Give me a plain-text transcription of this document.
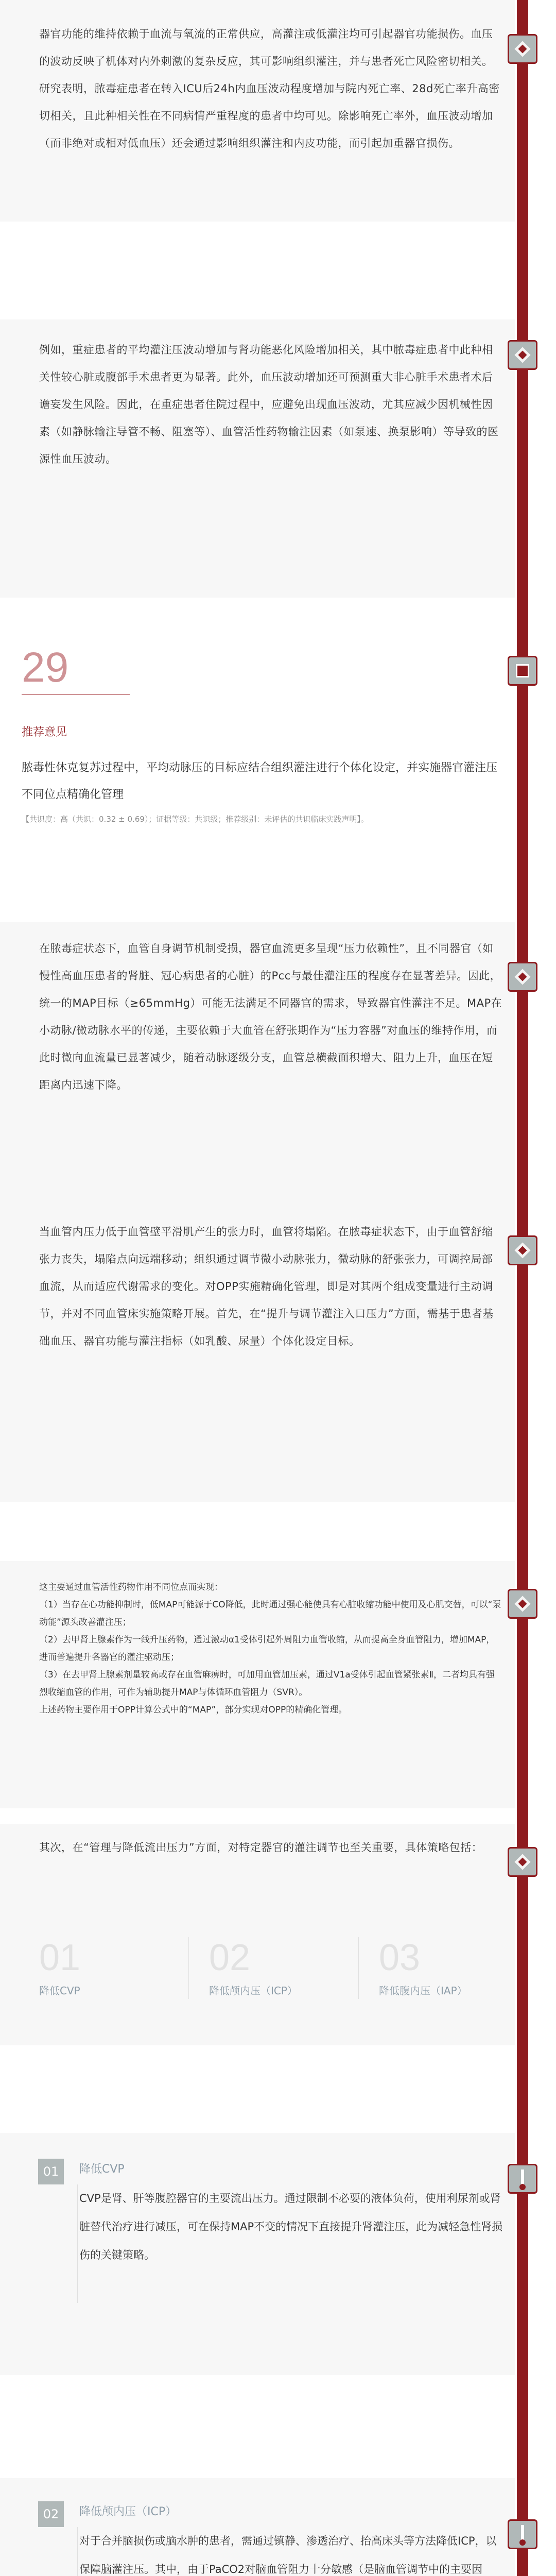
器官功能的维持依赖于血流与氧流的正常供应，高灌注或低灌注均可引起器官功能损伤。血压的波动反映了机体对内外刺激的复杂反应，其可影响组织灌注，并与患者死亡风险密切相关。研究表明，脓毒症患者在转入ICU后24h内血压波动程度增加与院内死亡率、28d死亡率升高密切相关，且此种相关性在不同病情严重程度的患者中均可见。除影响死亡率外，血压波动增加（而非绝对或相对低血压）还会通过影响组织灌注和内皮功能，而引起加重器官损伤。

例如，重症患者的平均灌注压波动增加与肾功能恶化风险增加相关，其中脓毒症患者中此种相关性较心脏或腹部手术患者更为显著。此外，血压波动增加还可预测重大非心脏手术患者术后谵妄发生风险。因此，在重症患者住院过程中，应避免出现血压波动，尤其应减少因机械性因素（如静脉输注导管不畅、阻塞等）、血管活性药物输注因素（如泵速、换泵影响）等导致的医源性血压波动。

29
推荐意见
脓毒性休克复苏过程中，平均动脉压的目标应结合组织灌注进行个体化设定，并实施器官灌注压不同位点精确化管理
【共识度：高（共识：0.32 ± 0.69）；证据等级：共识级；推荐级别：未评估的共识临床实践声明】。

在脓毒症状态下，血管自身调节机制受损，器官血流更多呈现“压力依赖性”，且不同器官（如慢性高血压患者的肾脏、冠心病患者的心脏）的Pcc与最佳灌注压的程度存在显著差异。因此，统一的MAP目标（≥65mmHg）可能无法满足不同器官的需求，导致器官性灌注不足。MAP在小动脉/微动脉水平的传递，主要依赖于大血管在舒张期作为“压力容器”对血压的维持作用，而此时微向血流量已显著减少，随着动脉逐级分支，血管总横截面积增大、阻力上升，血压在短距离内迅速下降。

当血管内压力低于血管壁平滑肌产生的张力时，血管将塌陷。在脓毒症状态下，由于血管舒缩张力丧失，塌陷点向远端移动；组织通过调节微小动脉张力，微动脉的舒张张力，可调控局部血流，从而适应代谢需求的变化。对OPP实施精确化管理，即是对其两个组成变量进行主动调节，并对不同血管床实施策略开展。首先，在“提升与调节灌注入口压力”方面，需基于患者基础血压、器官功能与灌注指标（如乳酸、尿量）个体化设定目标。

这主要通过血管活性药物作用不同位点而实现：
（1）当存在心功能抑制时，低MAP可能源于CO降低，此时通过强心能使具有心脏收缩功能中使用及心肌交替，可以“泵动能”源头改善灌注压；
（2）去甲肾上腺素作为一线升压药物，通过激动α1受体引起外周阻力血管收缩，从而提高全身血管阻力，增加MAP，进而普遍提升各器官的灌注驱动压；
（3）在去甲肾上腺素剂量较高或存在血管麻痹时，可加用血管加压素，通过V1a受体引起血管紧张素Ⅱ，二者均具有强烈收缩血管的作用，可作为辅助提升MAP与体循环血管阻力（SVR）。
上述药物主要作用于OPP计算公式中的“MAP”，部分实现对OPP的精确化管理。

其次，在“管理与降低流出压力”方面，对特定器官的灌注调节也至关重要，具体策略包括：

01
降低CVP
02
降低颅内压（ICP）
03
降低腹内压（IAP）
01	降低CVP

CVP是肾、肝等腹腔器官的主要流出压力。通过限制不必要的液体负荷，使用利尿剂或肾脏替代治疗进行减压，可在保持MAP不变的情况下直接提升肾灌注压，此为减轻急性肾损伤的关键策略。

02	降低颅内压（ICP）

对于合并脑损伤或脑水肿的患者，需通过镇静、渗透治疗、抬高床头等方法降低ICP，以保障脑灌注压。其中，由于PaCO2对脑血管阻力十分敏感（是脑血管调节中的主要因
